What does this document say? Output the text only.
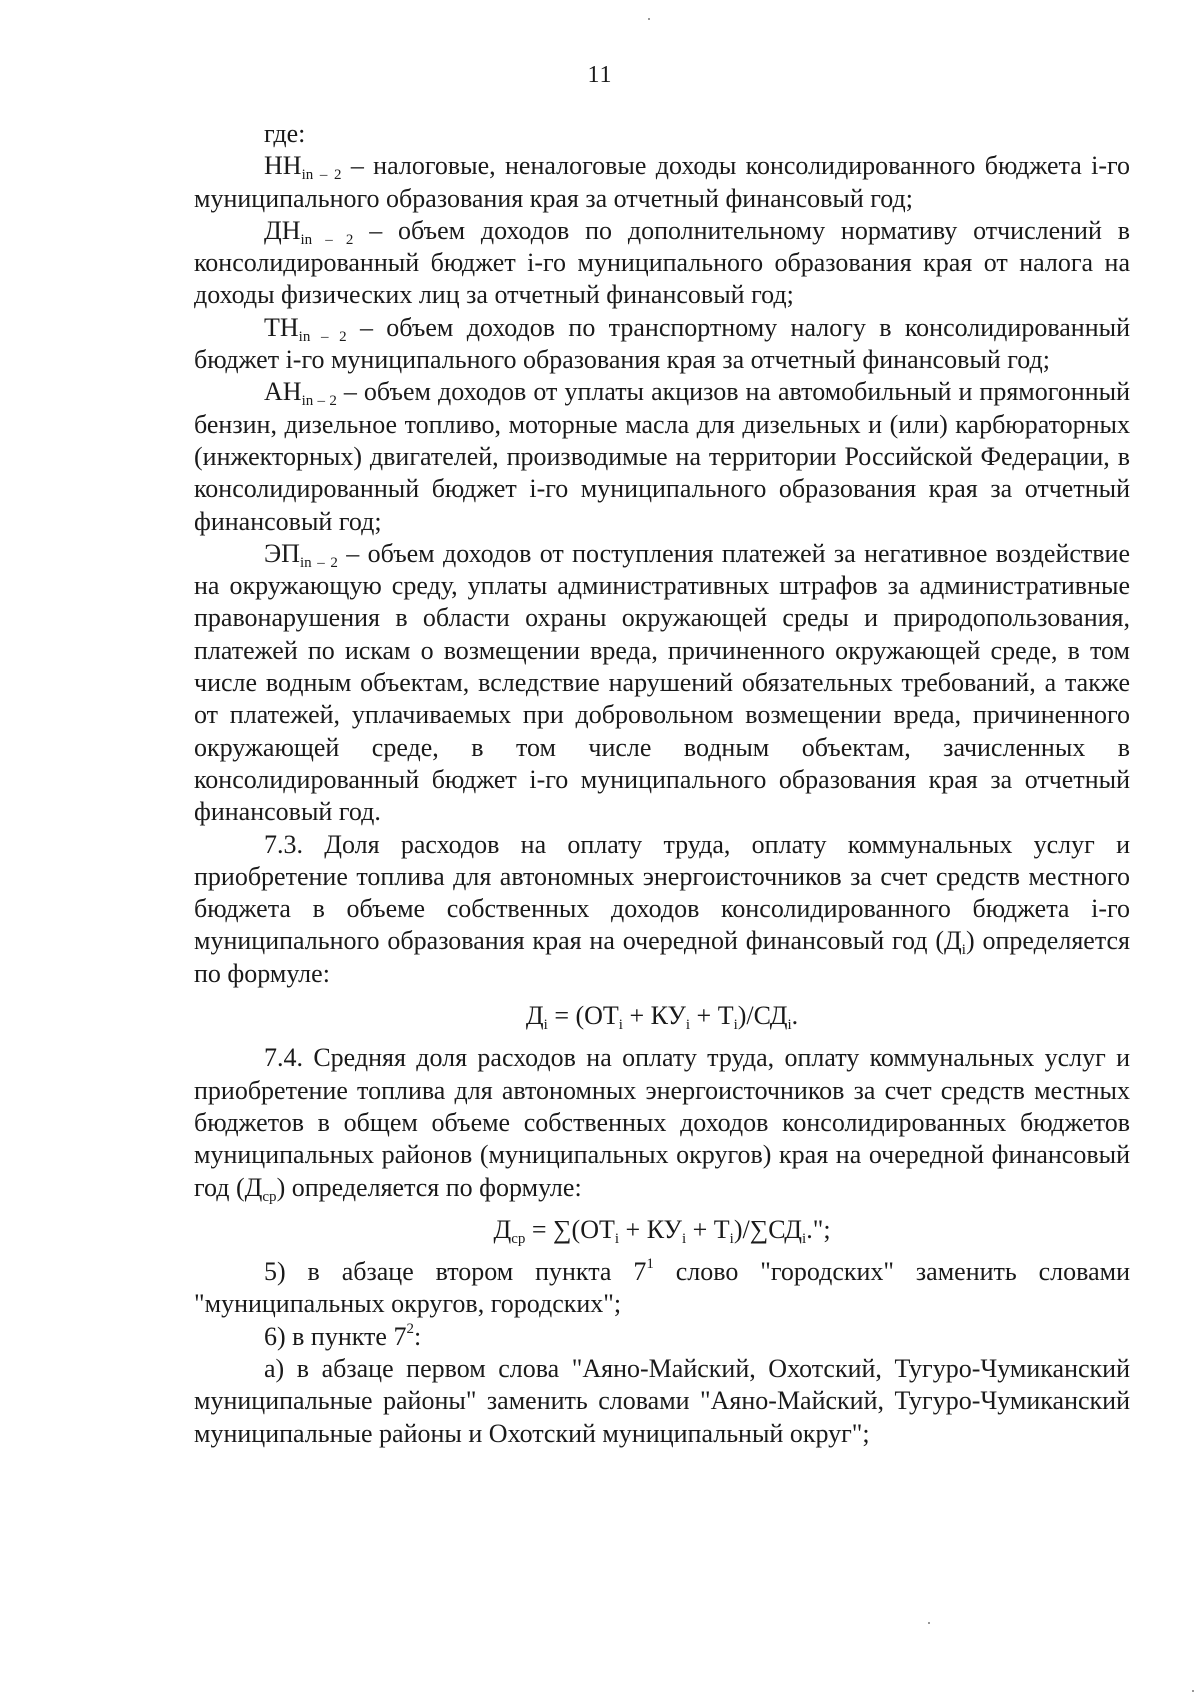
11

где:

$НН_{in - 2}$ – налоговые, неналоговые доходы консолидированного бюджета i-го муниципального образования края за отчетный финансовый год;

$ДН_{in - 2}$ – объем доходов по дополнительному нормативу отчислений в консолидированный бюджет i-го муниципального образования края от налога на доходы физических лиц за отчетный финансовый год;

$ТН_{in - 2}$ – объем доходов по транспортному налогу в консолидированный бюджет i-го муниципального образования края за отчетный финансовый год;

$АН_{in - 2}$ – объем доходов от уплаты акцизов на автомобильный и прямогонный бензин, дизельное топливо, моторные масла для дизельных и (или) карбюраторных (инжекторных) двигателей, производимые на территории Российской Федерации, в консолидированный бюджет i-го муниципального образования края за отчетный финансовый год;

$ЭП_{in - 2}$ – объем доходов от поступления платежей за негативное воздействие на окружающую среду, уплаты административных штрафов за административные правонарушения в области охраны окружающей среды и природопользования, платежей по искам о возмещении вреда, причиненного окружающей среде, в том числе водным объектам, вследствие нарушений обязательных требований, а также от платежей, уплачиваемых при добровольном возмещении вреда, причиненного окружающей среде, в том числе водным объектам, зачисленных в консолидированный бюджет i-го муниципального образования края за отчетный финансовый год.

7.3. Доля расходов на оплату труда, оплату коммунальных услуг и приобретение топлива для автономных энергоисточников за счет средств местного бюджета в объеме собственных доходов консолидированного бюджета i-го муниципального образования края на очередной финансовый год $(Д_i)$ определяется по формуле:

$Д_i = (ОТ_i + КУ_i + Т_i)/СД_i$.

7.4. Средняя доля расходов на оплату труда, оплату коммунальных услуг и приобретение топлива для автономных энергоисточников за счет средств местных бюджетов в общем объеме собственных доходов консолидированных бюджетов муниципальных районов (муниципальных округов) края на очередной финансовый год $(Д_{ср})$ определяется по формуле:

$Д_{ср} = \sum(ОТ_i + КУ_i + Т_i)/\sum СД_i$.";

5) в абзаце втором пункта $7^1$ слово "городских" заменить словами "муниципальных округов, городских";

6) в пункте $7^2$:

а) в абзаце первом слова "Аяно-Майский, Охотский, Тугуро-Чумиканский муниципальные районы" заменить словами "Аяно-Майский, Тугуро-Чумиканский муниципальные районы и Охотский муниципальный округ";
